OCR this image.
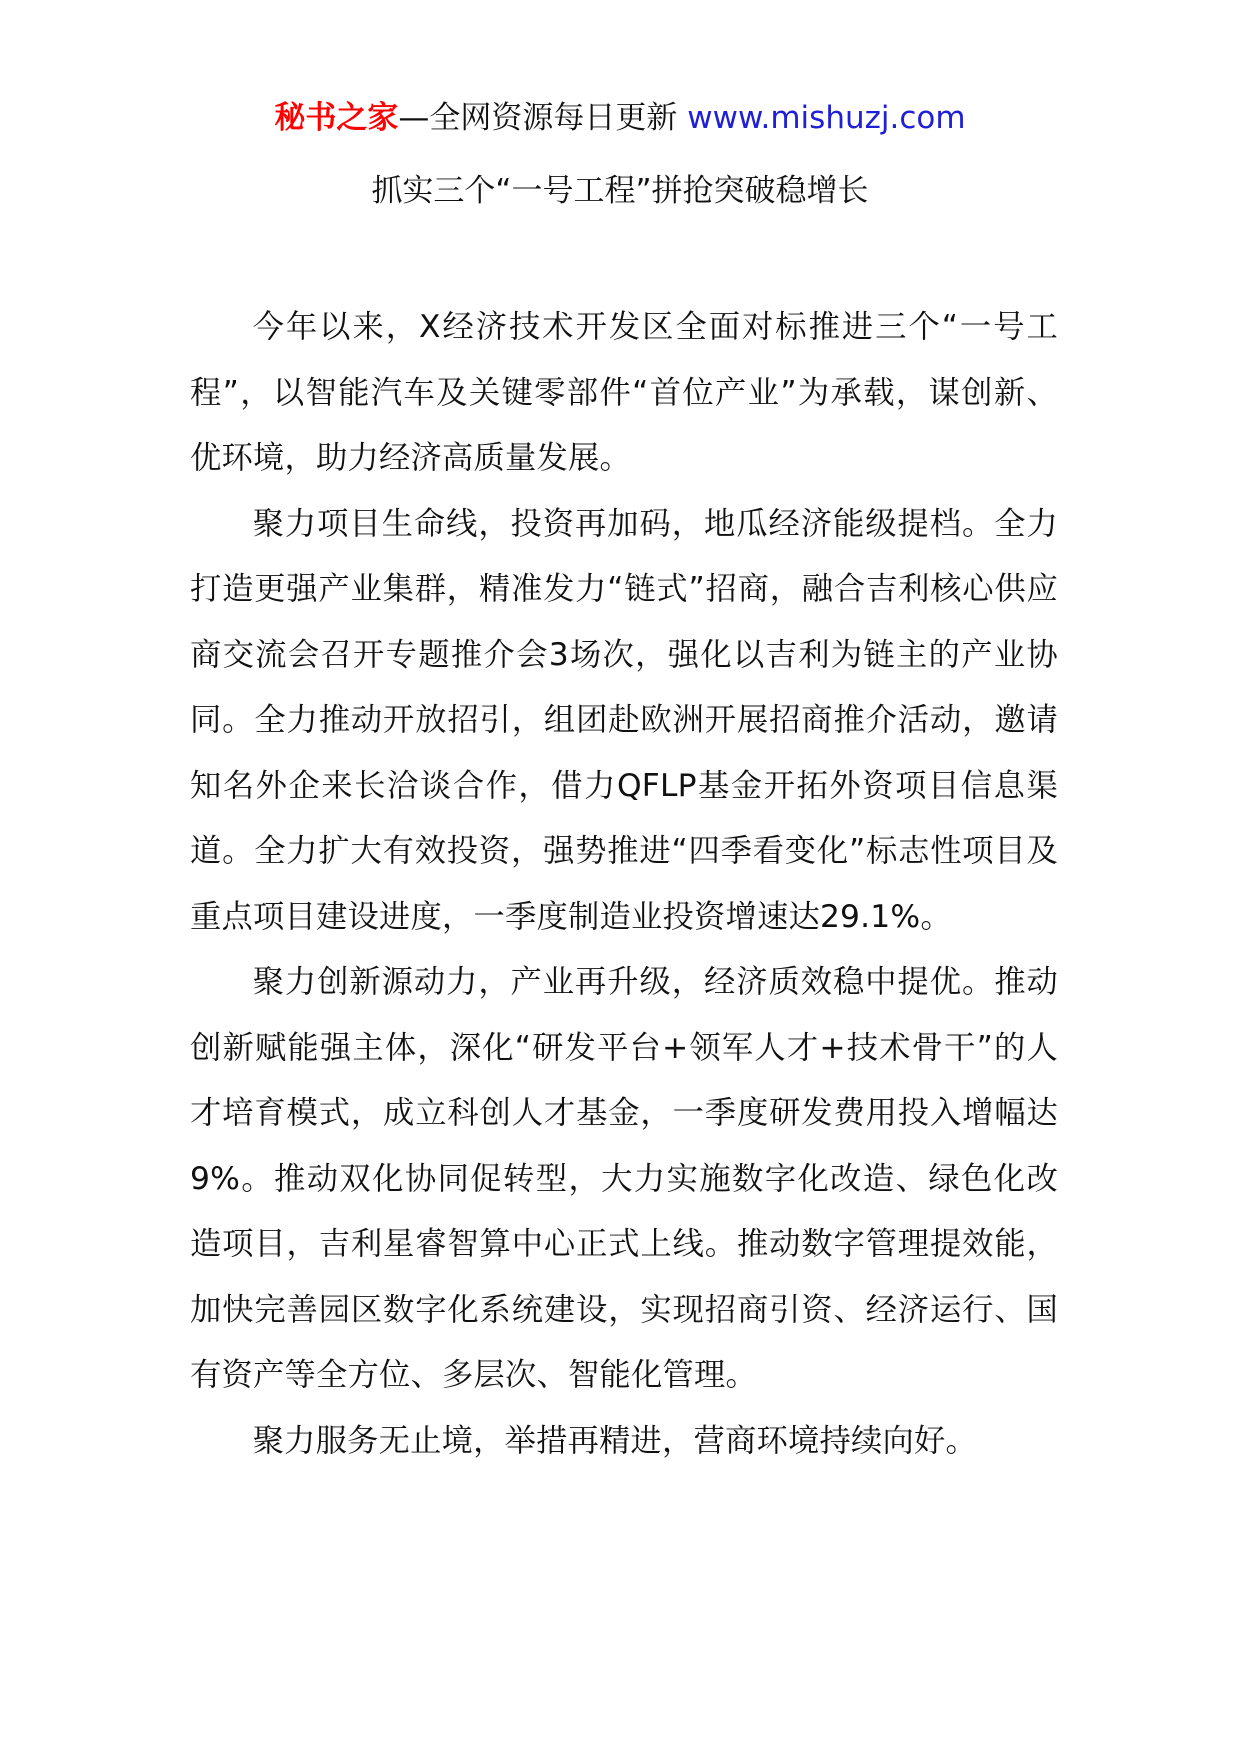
秘书之家—全网资源每日更新 www.mishuzj.com
抓实三个“一号工程”拼抢突破稳增长

今年以来，X经济技术开发区全面对标推进三个“一号工程”，以智能汽车及关键零部件“首位产业”为承载，谋创新、优环境，助力经济高质量发展。

聚力项目生命线，投资再加码，地瓜经济能级提档。全力打造更强产业集群，精准发力“链式”招商，融合吉利核心供应商交流会召开专题推介会3场次，强化以吉利为链主的产业协同。全力推动开放招引，组团赴欧洲开展招商推介活动，邀请知名外企来长洽谈合作，借力QFLP基金开拓外资项目信息渠道。全力扩大有效投资，强势推进“四季看变化”标志性项目及重点项目建设进度，一季度制造业投资增速达29.1%。

聚力创新源动力，产业再升级，经济质效稳中提优。推动创新赋能强主体，深化“研发平台+领军人才+技术骨干”的人才培育模式，成立科创人才基金，一季度研发费用投入增幅达9%。推动双化协同促转型，大力实施数字化改造、绿色化改造项目，吉利星睿智算中心正式上线。推动数字管理提效能，加快完善园区数字化系统建设，实现招商引资、经济运行、国有资产等全方位、多层次、智能化管理。

聚力服务无止境，举措再精进，营商环境持续向好。
